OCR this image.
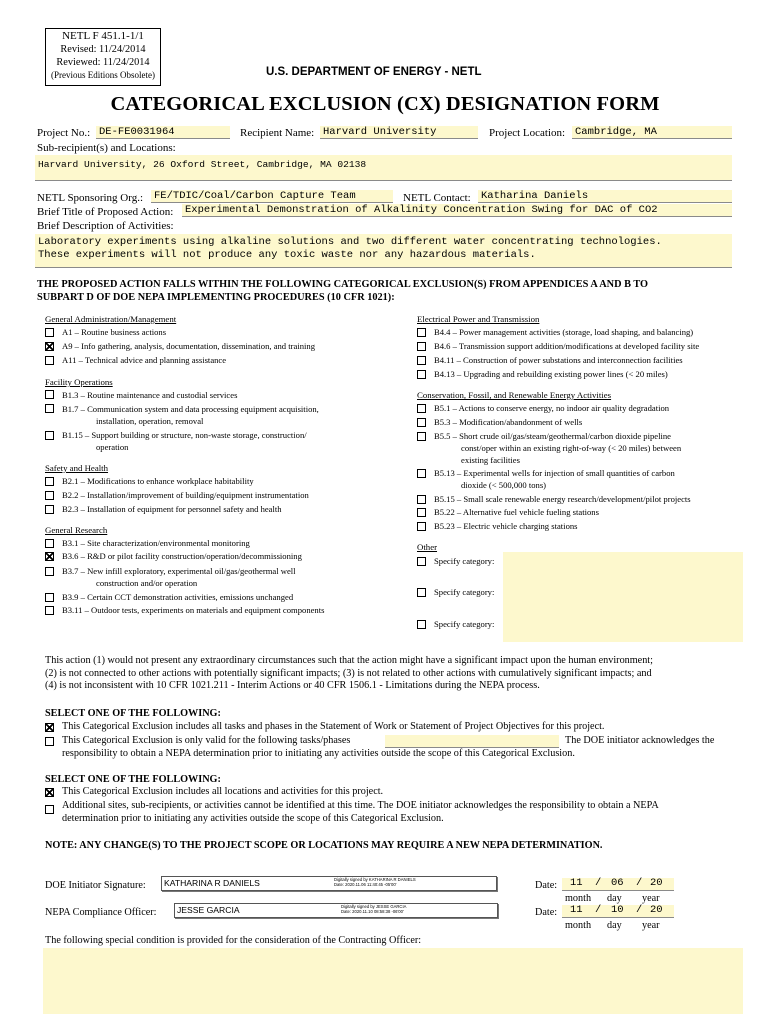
NETL F 451.1-1/1
Revised: 11/24/2014
Reviewed: 11/24/2014
(Previous Editions Obsolete)	U.S. DEPARTMENT OF ENERGY - NETL
CATEGORICAL EXCLUSION (CX) DESIGNATION FORM
Project No.: DE-FE0031964	Recipient Name: Harvard University	Project Location: Cambridge, MA
Sub-recipient(s) and Locations:
Harvard University, 26 Oxford Street, Cambridge, MA 02138
NETL Sponsoring Org.: FE/TDIC/Coal/Carbon Capture Team	NETL Contact: Katharina Daniels
Brief Title of Proposed Action: Experimental Demonstration of Alkalinity Concentration Swing for DAC of CO2
Brief Description of Activities:
Laboratory experiments using alkaline solutions and two different water concentrating technologies.
These experiments will not produce any toxic waste nor any hazardous materials.
THE PROPOSED ACTION FALLS WITHIN THE FOLLOWING CATEGORICAL EXCLUSION(S) FROM APPENDICES A AND B TO
SUBPART D OF DOE NEPA IMPLEMENTING PROCEDURES (10 CFR 1021):
General Administration/Management
A1 – Routine business actions
A9 – Info gathering, analysis, documentation, dissemination, and training
A11 – Technical advice and planning assistance
Facility Operations
B1.3 – Routine maintenance and custodial services
B1.7 – Communication system and data processing equipment acquisition,
installation, operation, removal
B1.15 – Support building or structure, non-waste storage, construction/
operation
Safety and Health
B2.1 – Modifications to enhance workplace habitability
B2.2 – Installation/improvement of building/equipment instrumentation
B2.3 – Installation of equipment for personnel safety and health
General Research
B3.1 – Site characterization/environmental monitoring
B3.6 – R&D or pilot facility construction/operation/decommissioning
B3.7 – New infill exploratory, experimental oil/gas/geothermal well
construction and/or operation
B3.9 – Certain CCT demonstration activities, emissions unchanged
B3.11 – Outdoor tests, experiments on materials and equipment components
Electrical Power and Transmission
B4.4 – Power management activities (storage, load shaping, and balancing)
B4.6 – Transmission support addition/modifications at developed facility site
B4.11 – Construction of power substations and interconnection facilities
B4.13 – Upgrading and rebuilding existing power lines (< 20 miles)
Conservation, Fossil, and Renewable Energy Activities
B5.1 – Actions to conserve energy, no indoor air quality degradation
B5.3 – Modification/abandonment of wells
B5.5 – Short crude oil/gas/steam/geothermal/carbon dioxide pipeline
const/oper within an existing right-of-way (< 20 miles) between
existing facilities
B5.13 – Experimental wells for injection of small quantities of carbon
dioxide (< 500,000 tons)
B5.15 – Small scale renewable energy research/development/pilot projects
B5.22 – Alternative fuel vehicle fueling stations
B5.23 – Electric vehicle charging stations
Other
Specify category:
Specify category:
Specify category:
This action (1) would not present any extraordinary circumstances such that the action might have a significant impact upon the human environment;
(2) is not connected to other actions with potentially significant impacts; (3) is not related to other actions with cumulatively significant impacts; and
(4) is not inconsistent with 10 CFR 1021.211 - Interim Actions or 40 CFR 1506.1 - Limitations during the NEPA process.
SELECT ONE OF THE FOLLOWING:
This Categorical Exclusion includes all tasks and phases in the Statement of Work or Statement of Project Objectives for this project.
This Categorical Exclusion is only valid for the following tasks/phases	The DOE initiator acknowledges the
responsibility to obtain a NEPA determination prior to initiating any activities outside the scope of this Categorical Exclusion.
SELECT ONE OF THE FOLLOWING:
This Categorical Exclusion includes all locations and activities for this project.
Additional sites, sub-recipients, or activities cannot be identified at this time. The DOE initiator acknowledges the responsibility to obtain a NEPA
determination prior to initiating any activities outside the scope of this Categorical Exclusion.
NOTE: ANY CHANGE(S) TO THE PROJECT SCOPE OR LOCATIONS MAY REQUIRE A NEW NEPA DETERMINATION.
DOE Initiator Signature: KATHARINA R DANIELS	Digitally signed by KATHARINA R DANIELS
Date: 2020.11.06 11:40:45 -05'00'
NEPA Compliance Officer: JESSE GARCIA	Digitally signed by JESSE GARCIA
Date: 2020.11.10 08:58:38 -06'00'
Date: 11 / 06 / 20
month day year
Date: 11 / 10 / 20
month day year
The following special condition is provided for the consideration of the Contracting Officer:
